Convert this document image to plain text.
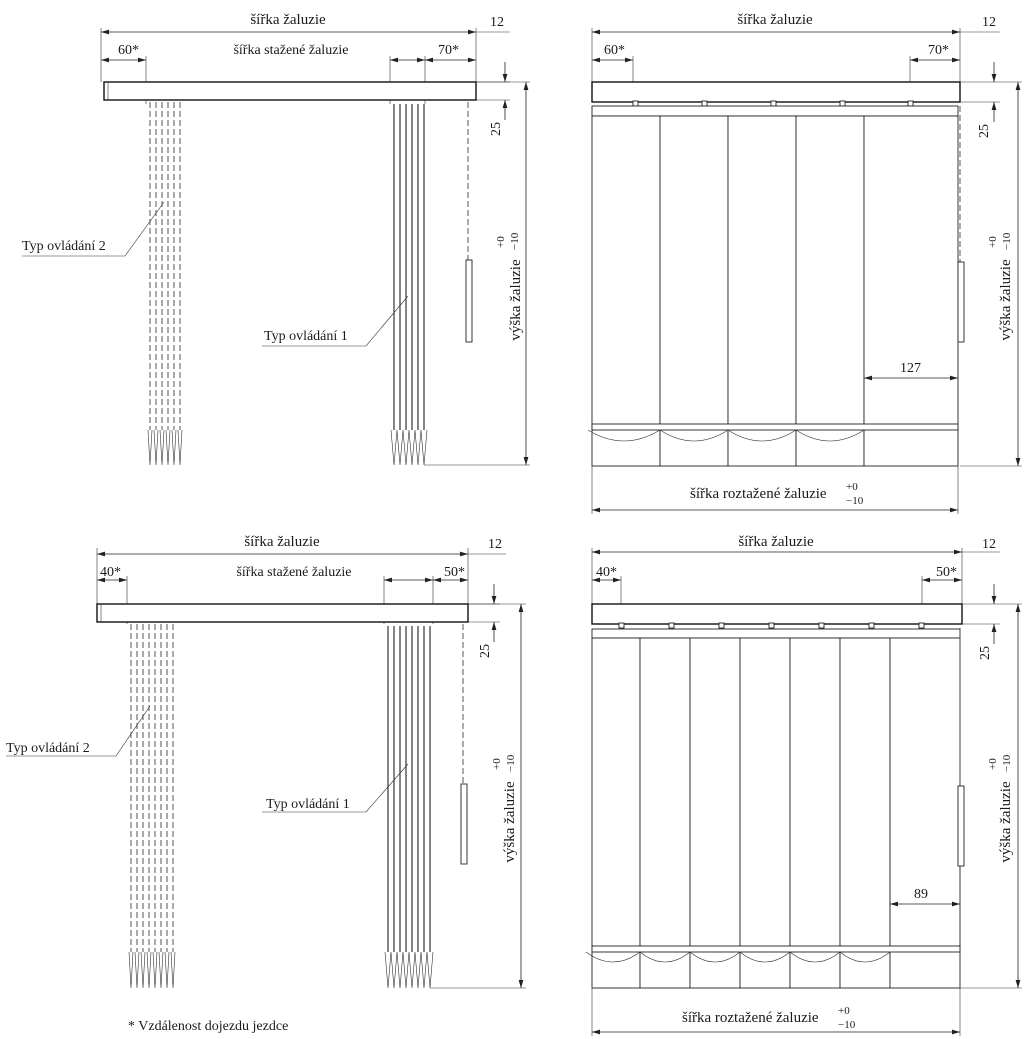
šířka žaluzie	12
60*	šířka stažené žaluzie	70*
výška žaluzie
+0 −10
25
Typ ovládání 2
Typ ovládání 1
šířka žaluzie	12
60*	70*
127
šířka roztažené žaluzie +0
−10
výška žaluzie
+0 −10
25
šířka žaluzie	12
40*	šířka stažené žaluzie	50*
výška žaluzie
+0 −10
25
Typ ovládání 2
Typ ovládání 1
* Vzdálenost dojezdu jezdce
šířka žaluzie	12
40*	50*
89
šířka roztažené žaluzie +0
−10
výška žaluzie
+0 −10
25
